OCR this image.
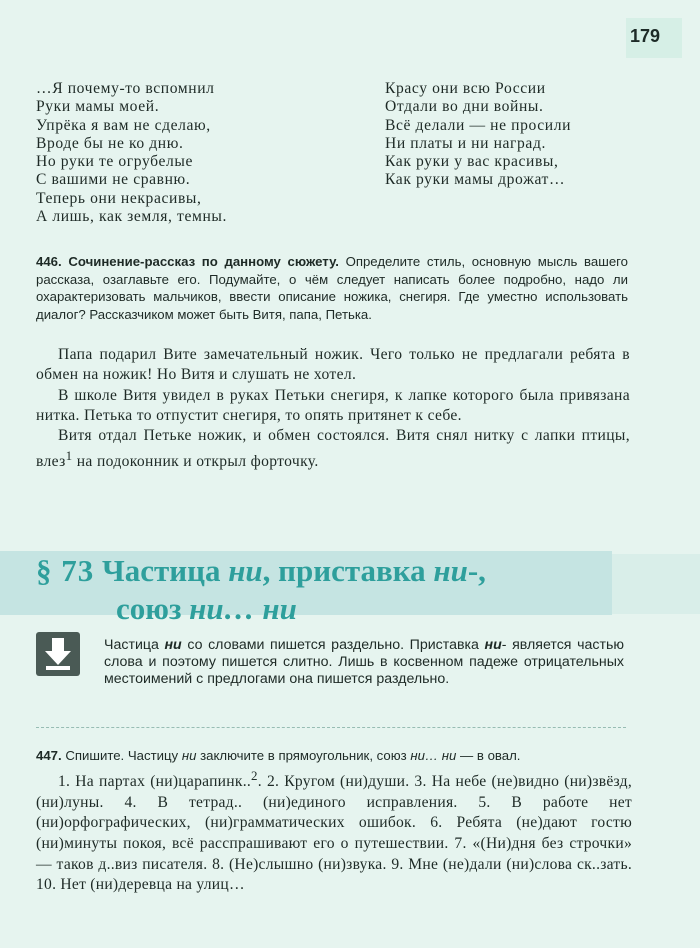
179
…Я почему-то вспомнил
Руки мамы моей.
Упрёка я вам не сделаю,
Вроде бы не ко дню.
Но руки те огрубелые
С вашими не сравню.
Теперь они некрасивы,
А лишь, как земля, темны.
Красу они всю России
Отдали во дни войны.
Всё делали — не просили
Ни платы и ни наград.
Как руки у вас красивы,
Как руки мамы дрожат…
446. Сочинение-рассказ по данному сюжету. Определите стиль, основную мысль вашего рассказа, озаглавьте его. Подумайте, о чём следует написать более подробно, надо ли охарактеризовать мальчиков, ввести описание ножика, снегиря. Где уместно использовать диалог? Рассказчиком может быть Витя, папа, Петька.

Папа подарил Вите замечательный ножик. Чего только не предлагали ребята в обмен на ножик! Но Витя и слушать не хотел.

В школе Витя увидел в руках Петьки снегиря, к лапке которого была привязана нитка. Петька то отпустит снегиря, то опять притянет к себе.

Витя отдал Петьке ножик, и обмен состоялся. Витя снял нитку с лапки птицы, влез$^1$ на подоконник и открыл форточку.

§ 73 Частица ни, приставка ни-,
союз ни… ни

Частица ни со словами пишется раздельно. Приставка ни- является частью слова и поэтому пишется слитно. Лишь в косвенном падеже отрицательных местоимений с предлогами она пишется раздельно.

447. Спишите. Частицу ни заключите в прямоугольник, союз ни… ни — в овал.

1. На партах (ни)царапинк..$^2$. 2. Кругом (ни)души. 3. На небе (не)видно (ни)звёзд, (ни)луны. 4. В тетрад.. (ни)единого исправления. 5. В работе нет (ни)орфографических, (ни)грамматических ошибок. 6. Ребята (не)дают гостю (ни)минуты покоя, всё расспрашивают его о путешествии. 7. «(Ни)дня без строчки» — таков д..виз писателя. 8. (Не)слышно (ни)звука. 9. Мне (не)дали (ни)слова ск..зать. 10. Нет (ни)деревца на улиц…
